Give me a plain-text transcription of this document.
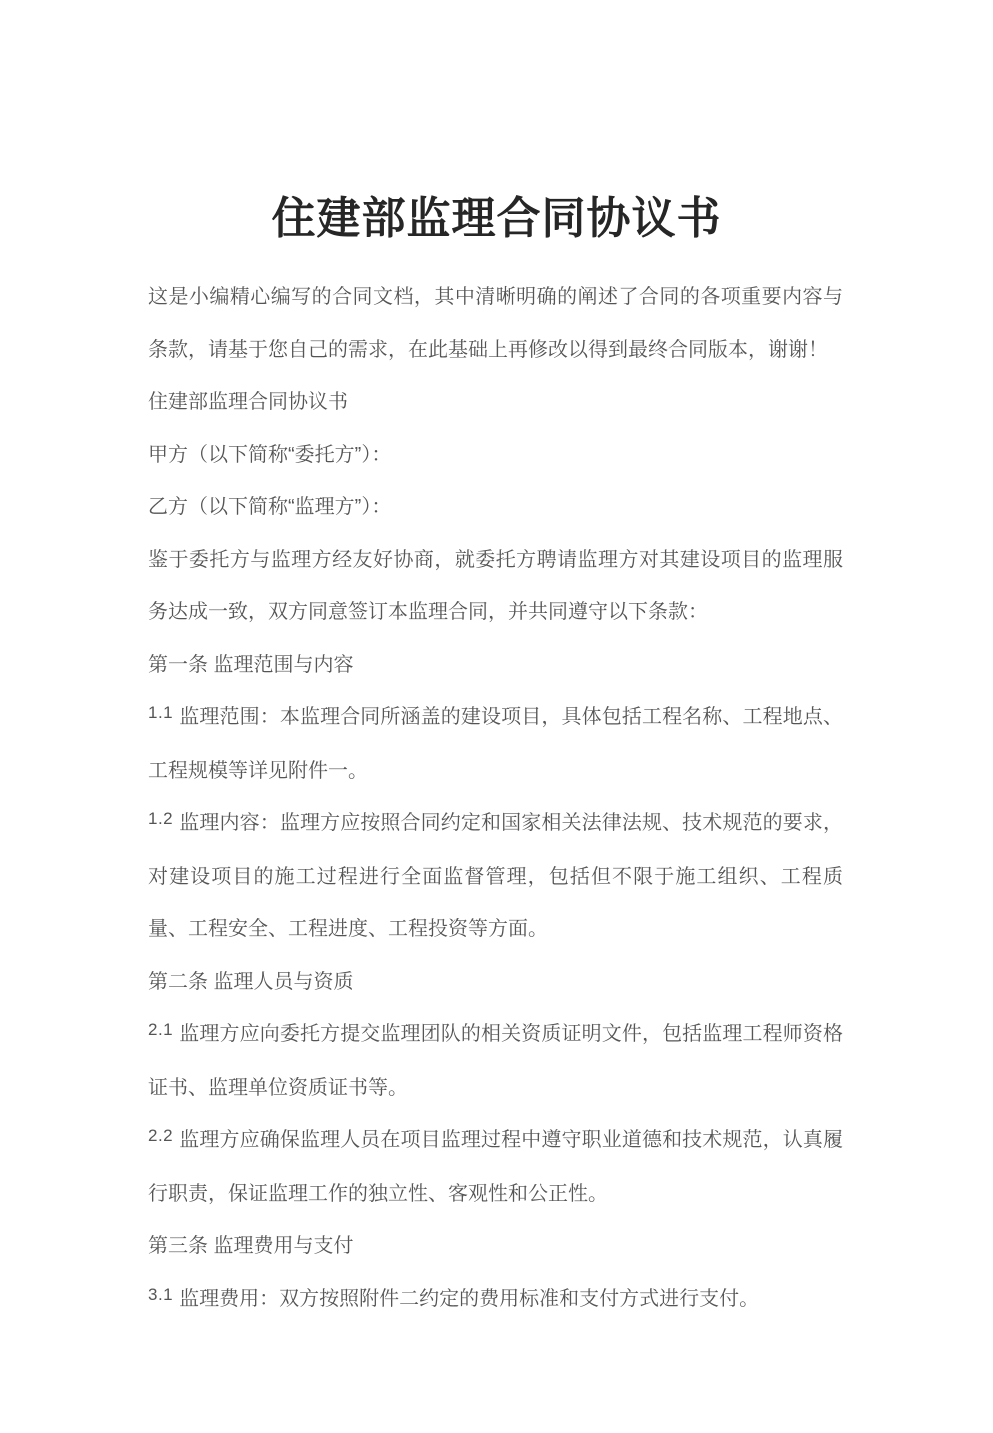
住建部监理合同协议书

这是小编精心编写的合同文档，其中清晰明确的阐述了合同的各项重要内容与条款，请基于您自己的需求，在此基础上再修改以得到最终合同版本，谢谢！

住建部监理合同协议书

甲方（以下简称“委托方”）：

乙方（以下简称“监理方”）：

鉴于委托方与监理方经友好协商，就委托方聘请监理方对其建设项目的监理服务达成一致，双方同意签订本监理合同，并共同遵守以下条款：

第一条 监理范围与内容

$^{1.1}$ 监理范围：本监理合同所涵盖的建设项目，具体包括工程名称、工程地点、工程规模等详见附件一。

$^{1.2}$ 监理内容：监理方应按照合同约定和国家相关法律法规、技术规范的要求，对建设项目的施工过程进行全面监督管理，包括但不限于施工组织、工程质量、工程安全、工程进度、工程投资等方面。

第二条 监理人员与资质

$^{2.1}$ 监理方应向委托方提交监理团队的相关资质证明文件，包括监理工程师资格证书、监理单位资质证书等。

$^{2.2}$ 监理方应确保监理人员在项目监理过程中遵守职业道德和技术规范，认真履行职责，保证监理工作的独立性、客观性和公正性。

第三条 监理费用与支付

$^{3.1}$ 监理费用：双方按照附件二约定的费用标准和支付方式进行支付。
